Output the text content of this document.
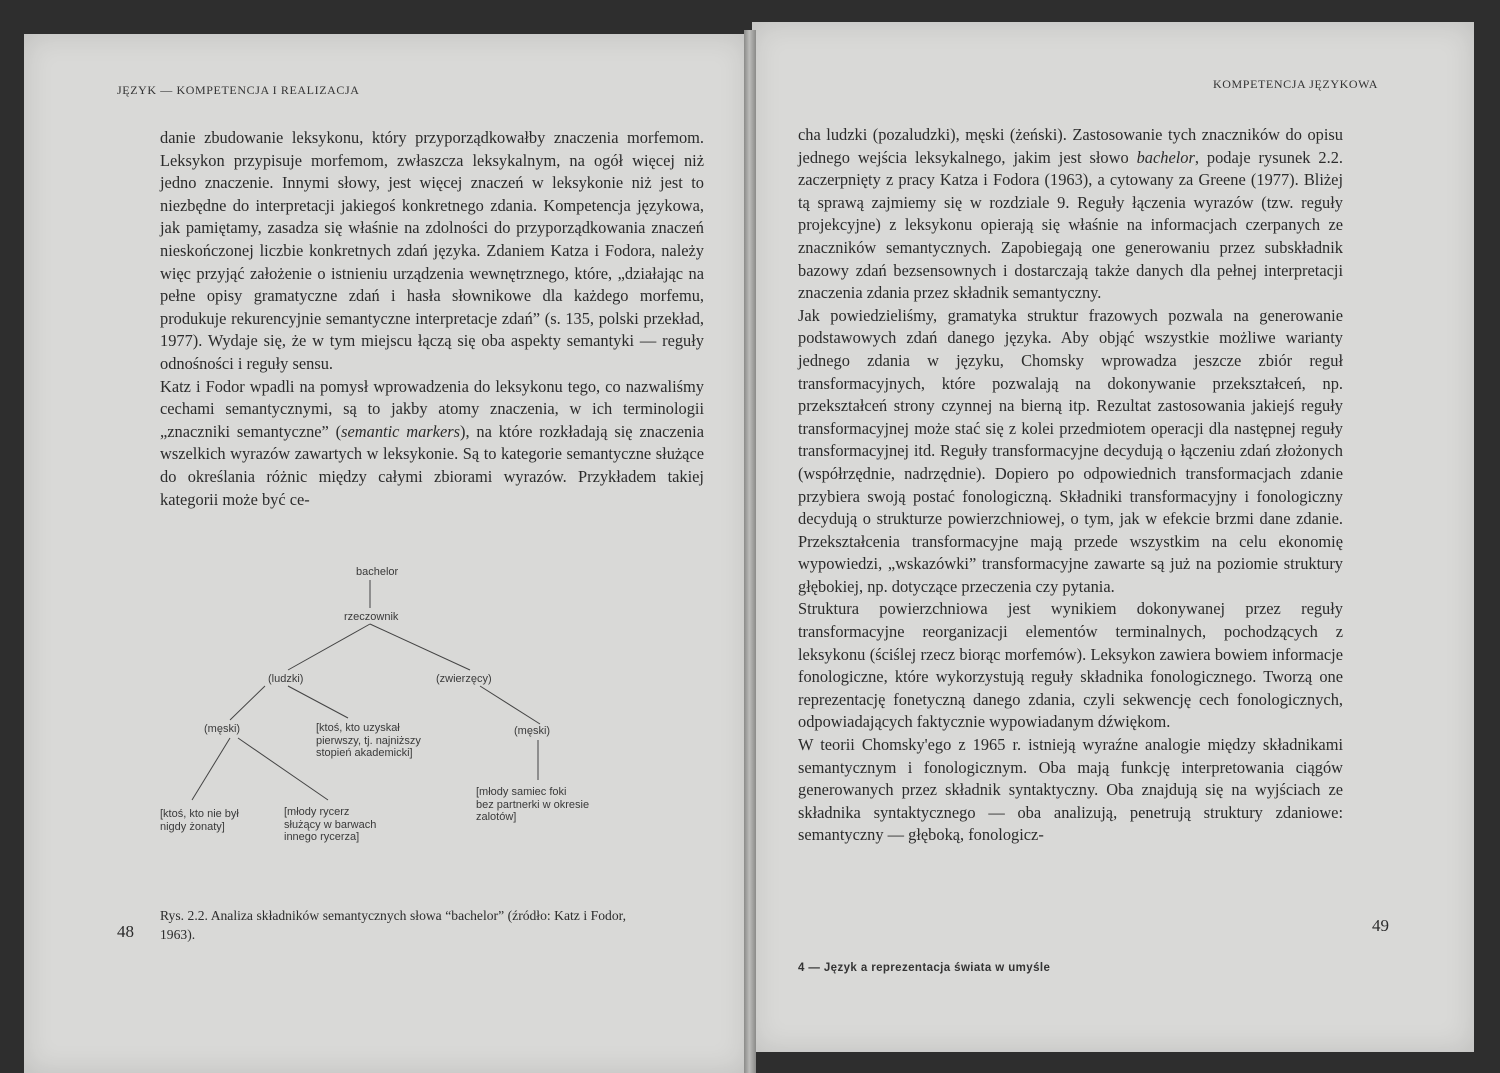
JĘZYK — KOMPETENCJA I REALIZACJA

danie zbudowanie leksykonu, który przyporządkowałby znaczenia morfemom. Leksykon przypisuje morfemom, zwłaszcza leksykalnym, na ogół więcej niż jedno znaczenie. Innymi słowy, jest więcej znaczeń w leksykonie niż jest to niezbędne do interpretacji jakiegoś konkretnego zdania. Kompetencja językowa, jak pamiętamy, zasadza się właśnie na zdolności do przyporządkowania znaczeń nieskończonej liczbie konkretnych zdań języka. Zdaniem Katza i Fodora, należy więc przyjąć założenie o istnieniu urządzenia wewnętrznego, które, „działając na pełne opisy gramatyczne zdań i hasła słownikowe dla każdego morfemu, produkuje rekurencyjnie semantyczne interpretacje zdań” (s. 135, polski przekład, 1977). Wydaje się, że w tym miejscu łączą się oba aspekty semantyki — reguły odnośności i reguły sensu.

Katz i Fodor wpadli na pomysł wprowadzenia do leksykonu tego, co nazwaliśmy cechami semantycznymi, są to jakby atomy znaczenia, w ich terminologii „znaczniki semantyczne” (semantic markers), na które rozkładają się znaczenia wszelkich wyrazów zawartych w leksykonie. Są to kategorie semantyczne służące do określania różnic między całymi zbiorami wyrazów. Przykładem takiej kategorii może być ce-

bachelor
rzeczownik
(ludzki)	(zwierzęcy)
(męski)	[ktoś, kto uzyskał
pierwszy, tj. najniższy
stopień akademicki]
(męski)
[ktoś, kto nie był
nigdy żonaty]
[młody rycerz
służący w barwach
innego rycerza]
[młody samiec foki
bez partnerki w okresie
zalotów]
48
Rys. 2.2. Analiza składników semantycznych słowa “bachelor” (źródło: Katz i Fodor, 1963).
KOMPETENCJA JĘZYKOWA

cha ludzki (pozaludzki), męski (żeński). Zastosowanie tych znaczników do opisu jednego wejścia leksykalnego, jakim jest słowo bachelor, podaje rysunek 2.2. zaczerpnięty z pracy Katza i Fodora (1963), a cytowany za Greene (1977). Bliżej tą sprawą zajmiemy się w rozdziale 9. Reguły łączenia wyrazów (tzw. reguły projekcyjne) z leksykonu opierają się właśnie na informacjach czerpanych ze znaczników semantycznych. Zapobiegają one generowaniu przez subskładnik bazowy zdań bezsensownych i dostarczają także danych dla pełnej interpretacji znaczenia zdania przez składnik semantyczny.

Jak powiedzieliśmy, gramatyka struktur frazowych pozwala na generowanie podstawowych zdań danego języka. Aby objąć wszystkie możliwe warianty jednego zdania w języku, Chomsky wprowadza jeszcze zbiór reguł transformacyjnych, które pozwalają na dokonywanie przekształceń, np. przekształceń strony czynnej na bierną itp. Rezultat zastosowania jakiejś reguły transformacyjnej może stać się z kolei przedmiotem operacji dla następnej reguły transformacyjnej itd. Reguły transformacyjne decydują o łączeniu zdań złożonych (współrzędnie, nadrzędnie). Dopiero po odpowiednich transformacjach zdanie przybiera swoją postać fonologiczną. Składniki transformacyjny i fonologiczny decydują o strukturze powierzchniowej, o tym, jak w efekcie brzmi dane zdanie. Przekształcenia transformacyjne mają przede wszystkim na celu ekonomię wypowiedzi, „wskazówki” transformacyjne zawarte są już na poziomie struktury głębokiej, np. dotyczące przeczenia czy pytania.

Struktura powierzchniowa jest wynikiem dokonywanej przez reguły transformacyjne reorganizacji elementów terminalnych, pochodzących z leksykonu (ściślej rzecz biorąc morfemów). Leksykon zawiera bowiem informacje fonologiczne, które wykorzystują reguły składnika fonologicznego. Tworzą one reprezentację fonetyczną danego zdania, czyli sekwencję cech fonologicznych, odpowiadających faktycznie wypowiadanym dźwiękom.

W teorii Chomsky'ego z 1965 r. istnieją wyraźne analogie między składnikami semantycznym i fonologicznym. Oba mają funkcję interpretowania ciągów generowanych przez składnik syntaktyczny. Oba znajdują się na wyjściach ze składnika syntaktycznego — oba analizują, penetrują struktury zdaniowe: semantyczny — głęboką, fonologicz-

49
4 — Język a reprezentacja świata w umyśle
